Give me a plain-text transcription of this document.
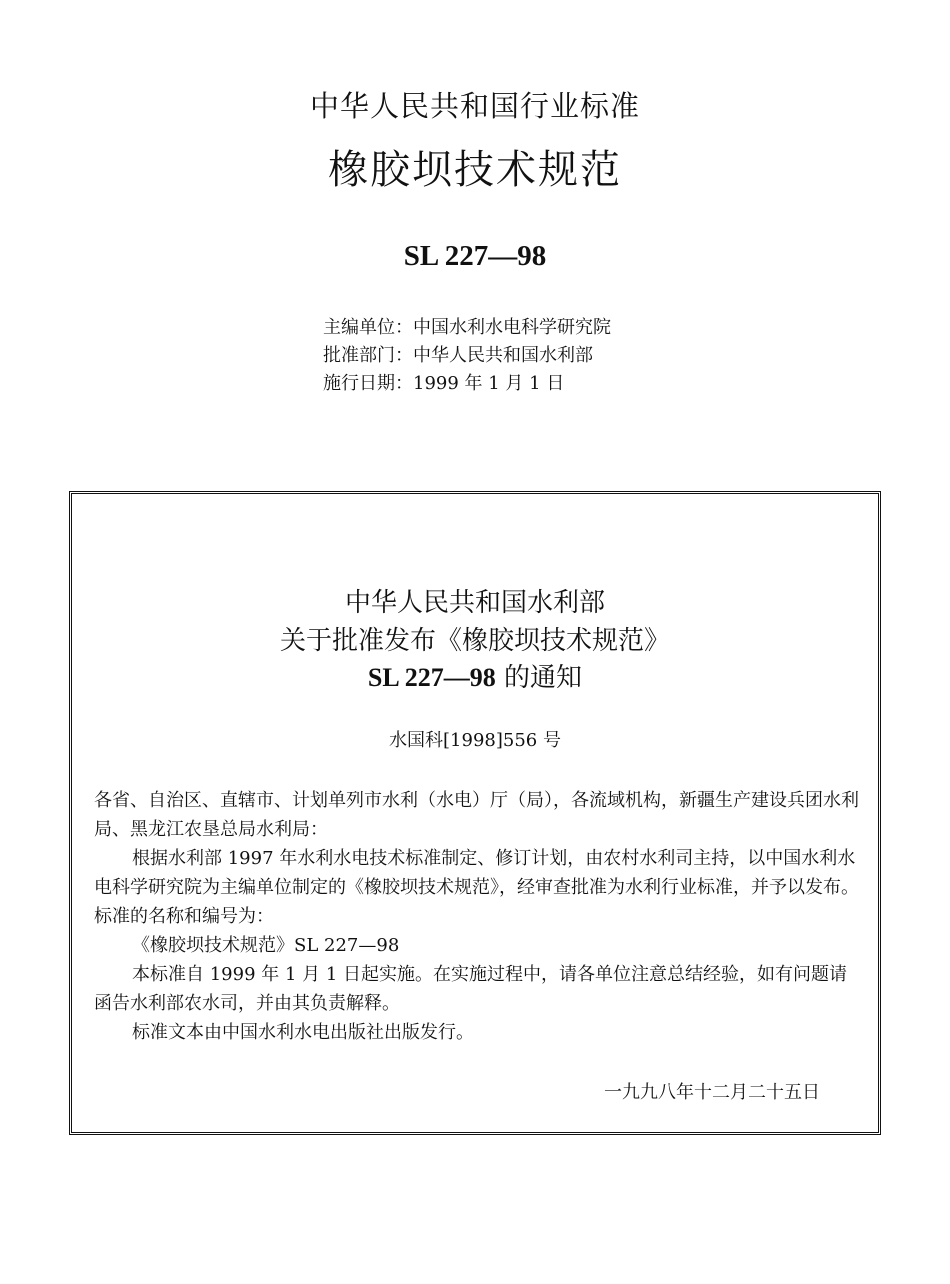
中华人民共和国行业标准
橡胶坝技术规范
SL 227—98
主编单位：中国水利水电科学研究院
批准部门：中华人民共和国水利部
施行日期：1999 年 1 月 1 日
中华人民共和国水利部
关于批准发布《橡胶坝技术规范》
SL 227—98 的通知
水国科[1998]556 号

各省、自治区、直辖市、计划单列市水利（水电）厅（局），各流域机构，新疆生产建设兵团水利局、黑龙江农垦总局水利局：

根据水利部 1997 年水利水电技术标准制定、修订计划，由农村水利司主持，以中国水利水电科学研究院为主编单位制定的《橡胶坝技术规范》，经审查批准为水利行业标准，并予以发布。标准的名称和编号为：

《橡胶坝技术规范》SL 227—98

本标准自 1999 年 1 月 1 日起实施。在实施过程中，请各单位注意总结经验，如有问题请函告水利部农水司，并由其负责解释。

标准文本由中国水利水电出版社出版发行。

一九九八年十二月二十五日
